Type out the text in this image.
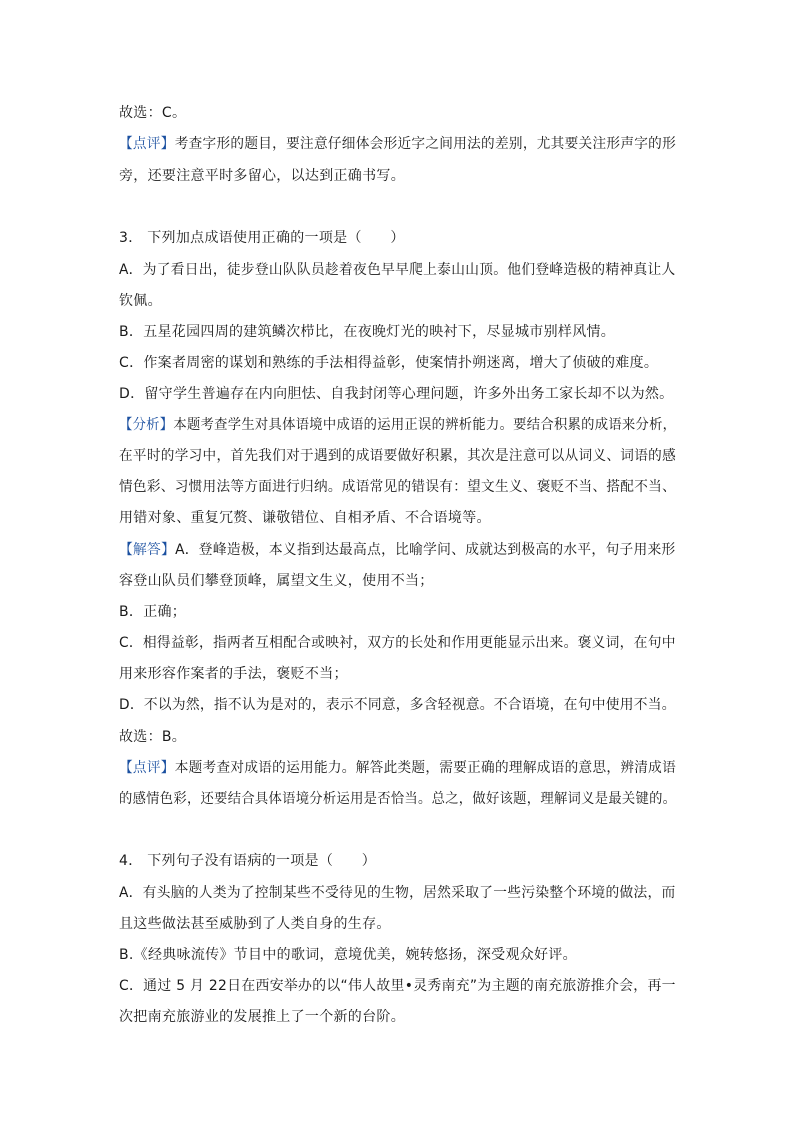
故选：C。
【点评】考查字形的题目，要注意仔细体会形近字之间用法的差别，尤其要关注形声字的形
旁，还要注意平时多留心，以达到正确书写。
3． 下列加点成语使用正确的一项是（　　）
A．为了看日出，徒步登山队队员趁着夜色早早爬上泰山山顶。他们登峰造极的精神真让人
钦佩。
B．五星花园四周的建筑鳞次栉比，在夜晚灯光的映衬下，尽显城市别样风情。
C．作案者周密的谋划和熟练的手法相得益彰，使案情扑朔迷离，增大了侦破的难度。
D．留守学生普遍存在内向胆怯、自我封闭等心理问题，许多外出务工家长却不以为然。
【分析】本题考查学生对具体语境中成语的运用正误的辨析能力。要结合积累的成语来分析，
在平时的学习中，首先我们对于遇到的成语要做好积累，其次是注意可以从词义、词语的感
情色彩、习惯用法等方面进行归纳。成语常见的错误有：望文生义、褒贬不当、搭配不当、
用错对象、重复冗赘、谦敬错位、自相矛盾、不合语境等。
【解答】A．登峰造极，本义指到达最高点，比喻学问、成就达到极高的水平，句子用来形
容登山队员们攀登顶峰，属望文生义，使用不当；
B．正确；
C．相得益彰，指两者互相配合或映衬，双方的长处和作用更能显示出来。褒义词，在句中
用来形容作案者的手法，褒贬不当；
D．不以为然，指不认为是对的，表示不同意，多含轻视意。不合语境，在句中使用不当。
故选：B。
【点评】本题考查对成语的运用能力。解答此类题，需要正确的理解成语的意思，辨清成语
的感情色彩，还要结合具体语境分析运用是否恰当。总之，做好该题，理解词义是最关键的。
4． 下列句子没有语病的一项是（　　）
A．有头脑的人类为了控制某些不受待见的生物，居然采取了一些污染整个环境的做法，而
且这些做法甚至威胁到了人类自身的生存。
B.《经典咏流传》节目中的歌词，意境优美，婉转悠扬，深受观众好评。
C．通过 5 月 22日在西安举办的以“伟人故里•灵秀南充”为主题的南充旅游推介会，再一
次把南充旅游业的发展推上了一个新的台阶。
